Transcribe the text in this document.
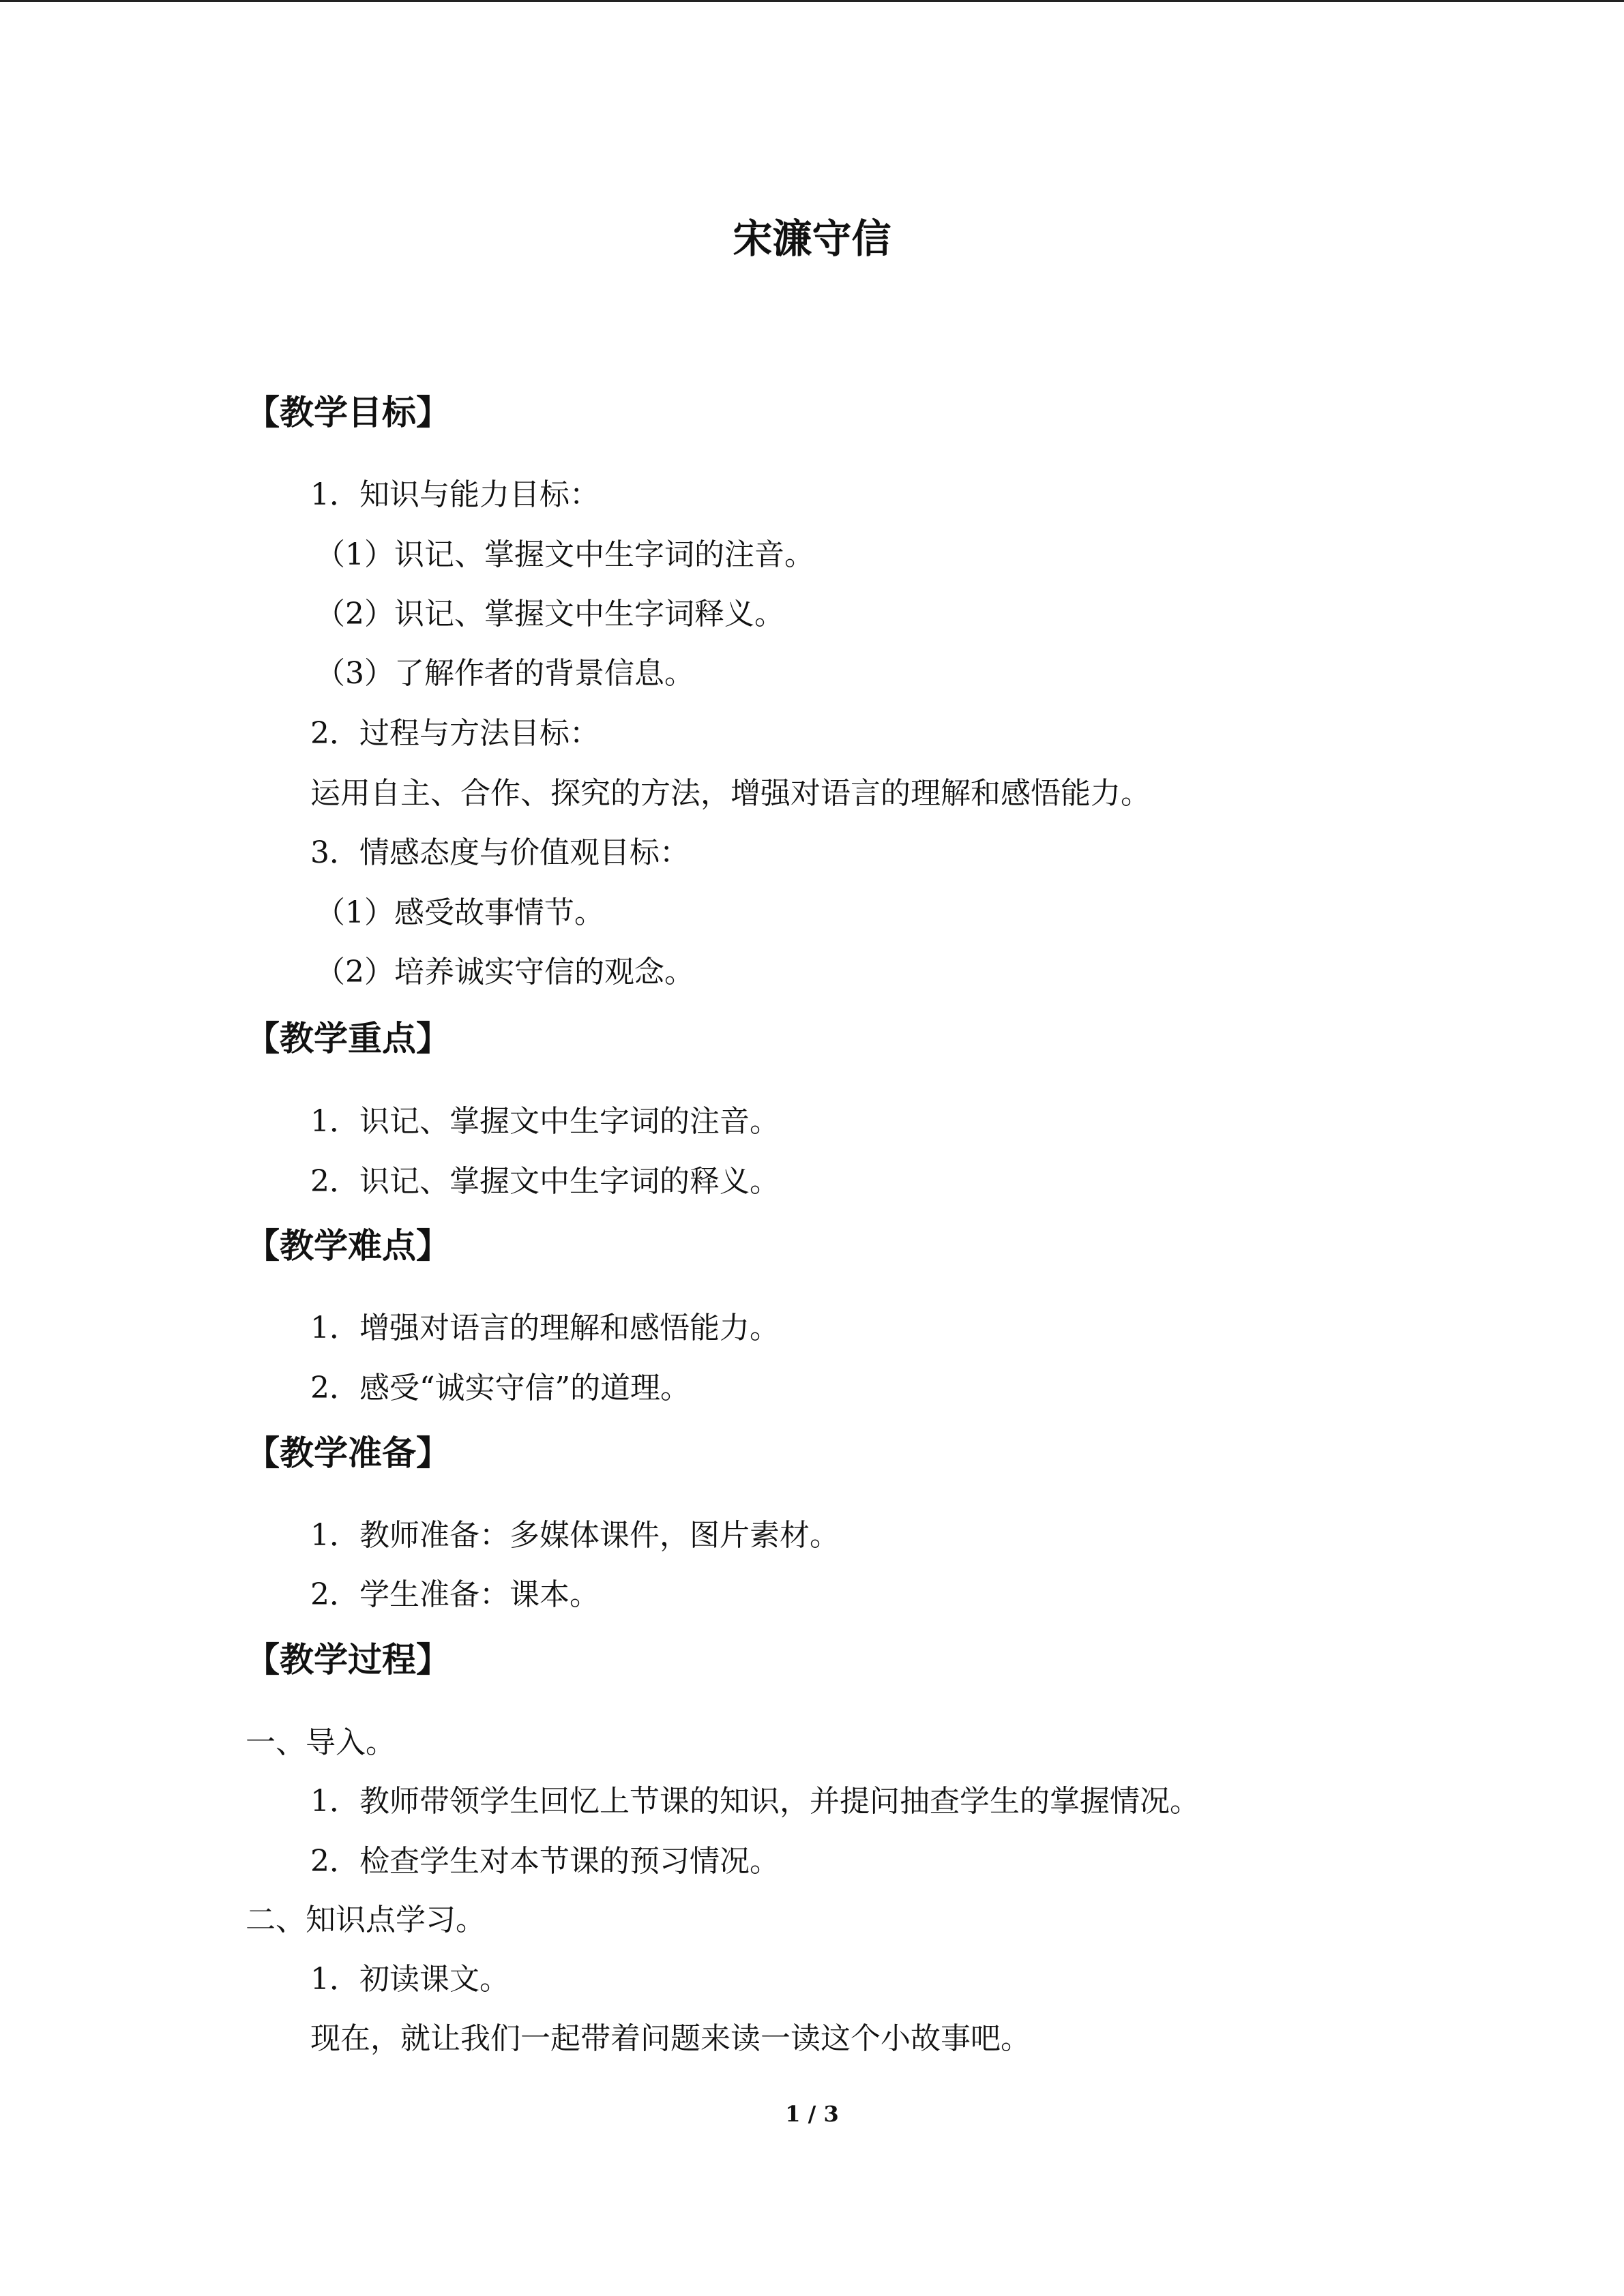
宋濂守信
【教学目标】
1．知识与能力目标：
（1）识记、掌握文中生字词的注音。
（2）识记、掌握文中生字词释义。
（3）了解作者的背景信息。
2．过程与方法目标：
运用自主、合作、探究的方法，增强对语言的理解和感悟能力。
3．情感态度与价值观目标：
（1）感受故事情节。
（2）培养诚实守信的观念。
【教学重点】
1．识记、掌握文中生字词的注音。
2．识记、掌握文中生字词的释义。
【教学难点】
1．增强对语言的理解和感悟能力。
2．感受“诚实守信”的道理。
【教学准备】
1．教师准备：多媒体课件，图片素材。
2．学生准备：课本。
【教学过程】
一、导入。
1．教师带领学生回忆上节课的知识，并提问抽查学生的掌握情况。
2．检查学生对本节课的预习情况。
二、知识点学习。
1．初读课文。
现在，就让我们一起带着问题来读一读这个小故事吧。
1 / 3
